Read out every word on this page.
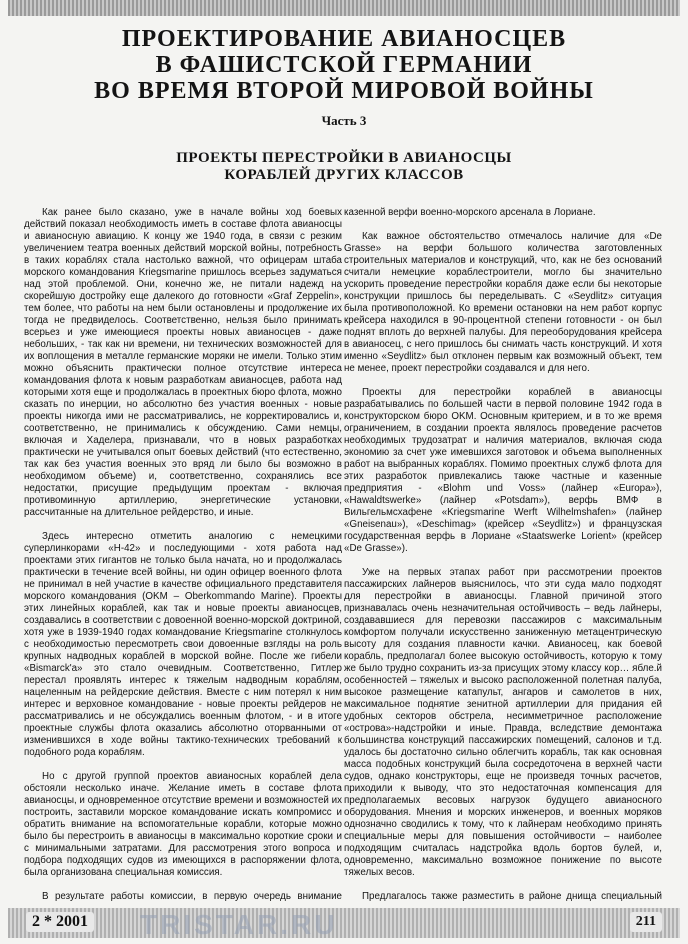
ПРОЕКТИРОВАНИЕ АВИАНОСЦЕВ
В ФАШИСТСКОЙ ГЕРМАНИИ
ВО ВРЕМЯ ВТОРОЙ МИРОВОЙ ВОЙНЫ
Часть 3
ПРОЕКТЫ ПЕРЕСТРОЙКИ В АВИАНОСЦЫ
КОРАБЛЕЙ ДРУГИХ КЛАССОВ

Как ранее было сказано, уже в начале войны ход боевых действий показал необходимость иметь в составе флота авианосцы и авианосную авиацию. К концу же 1940 года, в связи с резким увеличением театра военных действий морской войны, потребность в таких кораблях стала настолько важной, что офицерам штаба морского командования Kriegsmarine пришлось всерьез задуматься над этой проблемой. Они, конечно же, не питали надежд на скорейшую достройку еще далекого до готовности «Graf Zeppelin», тем более, что работы на нем были остановлены и продолжение их тогда не предвиделось. Соответственно, нельзя было принимать всерьез и уже имеющиеся проекты новых авианосцев - даже небольших, - так как ни времени, ни технических возможностей для их воплощения в металле германские моряки не имели. Только этим можно объяснить практически полное отсутствие интереса командования флота к новым разработкам авианосцев, работа над которыми хотя еще и продолжалась в проектных бюро флота, можно сказать по инерции, но абсолютно без участия военных - новые проекты никогда ими не рассматривались, не корректировались и, соответственно, не принимались к обсуждению. Сами немцы, включая и Хаделера, признавали, что в новых разработках практически не учитывался опыт боевых действий (что естественно, так как без участия военных это вряд ли было бы возможно в необходимом объеме) и, соответственно, сохранялись все недостатки, присущие предыдущим проектам - включая противоминную артиллерию, энергетические установки, рассчитанные на длительное рейдерство, и иные.

Здесь интересно отметить аналогию с немецкими суперлинкорами «H-42» и последующими - хотя работа над проектами этих гигантов не только была начата, но и продолжалась практически в течение всей войны, ни один офицер военного флота не принимал в ней участие в качестве официального представителя морского командования (OKM – Oberkommando Marine). Проекты этих линейных кораблей, как так и новые проекты авианосцев, создавались в соответствии с довоенной военно-морской доктриной, хотя уже в 1939-1940 годах командование Kriegsmarine столкнулось с необходимостью пересмотреть свои довоенные взгляды на роль крупных надводных кораблей в морской войне. После же гибели «Bismarck'а» это стало очевидным. Соответственно, Гитлер перестал проявлять интерес к тяжелым надводным кораблям, нацеленным на рейдерские действия. Вместе с ним потерял к ним интерес и верховное командование - новые проекты рейдеров не рассматривались и не обсуждались военным флотом, - и в итоге проектные службы флота оказались абсолютно оторванными от изменившихся в ходе войны тактико-технических требований к подобного рода кораблям.

Но с другой группой проектов авианосных кораблей дела обстояли несколько иначе. Желание иметь в составе флота авианосцы, и одновременное отсутствие времени и возможностей их построить, заставили морское командование искать компромисс и обратить внимание на вспомогательные корабли, которые можно было бы перестроить в авианосцы в максимально короткие сроки и с минимальными затратами. Для рассмотрения этого вопроса и подбора подходящих судов из имеющихся в распоряжении флота, была организована специальная комиссия.

В результате работы комиссии, в первую очередь внимание

казенной верфи военно-морского арсенала в Лориане.

Как важное обстоятельство отмечалось наличие для «De Grasse» на верфи большого количества заготовленных строительных материалов и конструкций, что, как не без оснований считали немецкие кораблестроители, могло бы значительно ускорить проведение перестройки корабля даже если бы некоторые конструкции пришлось бы переделывать. С «Seydlitz» ситуация была противоположной. Ко времени остановки на нем работ корпус крейсера находился в 90-процентной степени готовности - он был поднят вплоть до верхней палубы. Для переоборудования крейсера в авианосец, с него пришлось бы снимать часть конструкций. И хотя именно «Seydlitz» был отклонен первым как возможный объект, тем не менее, проект перестройки создавался и для него.

Проекты для перестройки кораблей в авианосцы разрабатывались по большей части в первой половине 1942 года в конструкторском бюро OKM. Основным критерием, и в то же время ограничением, в создании проекта являлось проведение расчетов необходимых трудозатрат и наличия материалов, включая сюда экономию за счет уже имевшихся заготовок и объема выполненных работ на выбранных кораблях. Помимо проектных служб флота для этих разработок привлекались также частные и казенные предприятия - «Blohm und Voss» (лайнер «Europa»), «Hawaldtswerke» (лайнер «Potsdam»), верфь ВМФ в Вильгельмсхафене «Kriegsmarine Werft Wilhelmshafen» (лайнер «Gneisenau»), «Deschimag» (крейсер «Seydlitz») и французская государственная верфь в Лориане «Staatswerke Lorient» (крейсер «De Grasse»).

Уже на первых этапах работ при рассмотрении проектов пассажирских лайнеров выяснилось, что эти суда мало подходят для перестройки в авианосцы. Главной причиной этого признавалась очень незначительная остойчивость – ведь лайнеры, создававшиеся для перевозки пассажиров с максимальным комфортом получали искусственно заниженную метацентрическую высоту для создания плавности качки. Авианосец, как боевой корабль, предполагал более высокую остойчивость, которую к тому же было трудно сохранить из-за присущих этому классу кор… ябле.й особенностей – тяжелых и высоко расположенной полетная палуба, высокое размещение катапульт, ангаров и самолетов в них, максимальное поднятие зенитной артиллерии для придания ей удобных секторов обстрела, несимметричное расположение «острова»-надстройки и иные. Правда, вследствие демонтажа большинства конструкций пассажирских помещений, салонов и т.д. удалось бы достаточно сильно облегчить корабль, так как основная масса подобных конструкций была сосредоточена в верхней части судов, однако конструкторы, еще не произведя точных расчетов, приходили к выводу, что это недостаточная компенсация для предполагаемых весовых нагрузок будущего авианосного оборудования. Мнения и морских инженеров, и военных моряков однозначно сводились к тому, что к лайнерам необходимо принять специальные меры для повышения остойчивости – наиболее подходящим считалась надстройка вдоль бортов булей, и, одновременно, максимально возможное понижение по высоте тяжелых весов.

Предлагалось также разместить в районе днища специальный

2 * 2001 TRISTAR.RU	211
